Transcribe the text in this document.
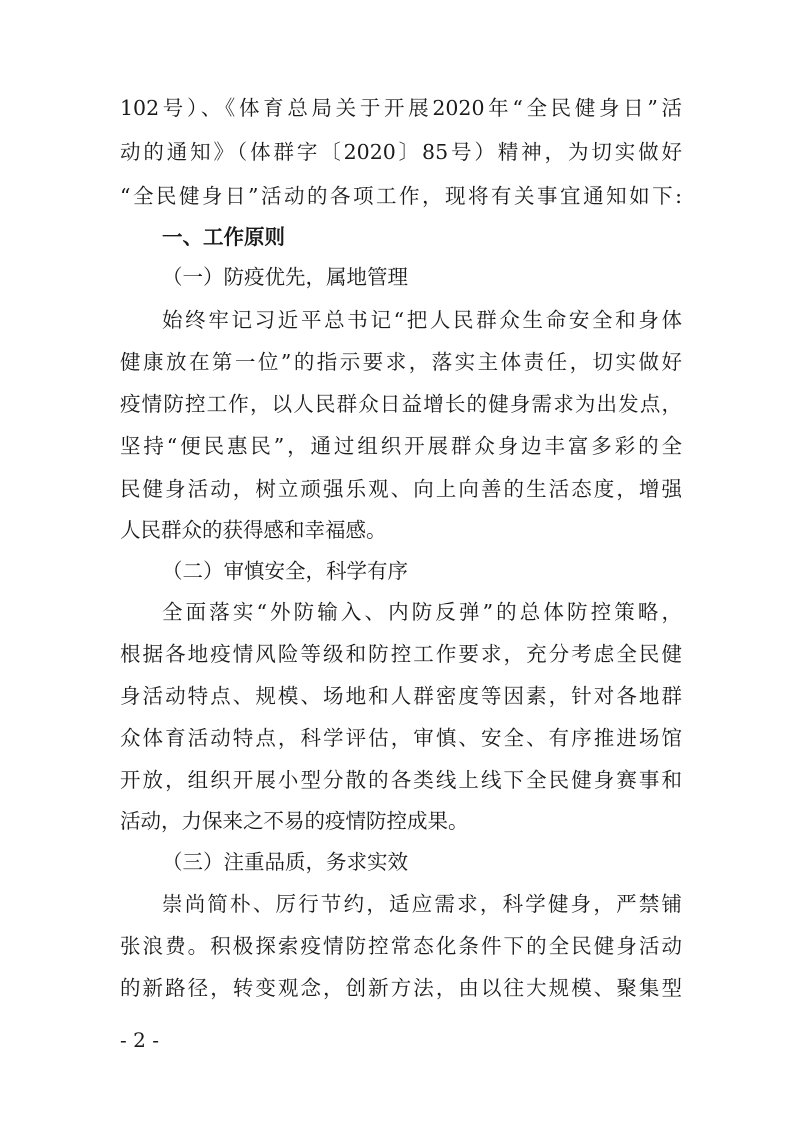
102号）、《体育总局关于开展2020年“全民健身日”活
动的通知》（体群字〔2020〕85号）精神，为切实做好
“全民健身日”活动的各项工作，现将有关事宜通知如下:
一、工作原则
（一）防疫优先，属地管理
始终牢记习近平总书记“把人民群众生命安全和身体
健康放在第一位”的指示要求，落实主体责任，切实做好
疫情防控工作，以人民群众日益增长的健身需求为出发点，
坚持“便民惠民”，通过组织开展群众身边丰富多彩的全
民健身活动，树立顽强乐观、向上向善的生活态度，增强
人民群众的获得感和幸福感。
（二）审慎安全，科学有序
全面落实“外防输入、内防反弹”的总体防控策略，
根据各地疫情风险等级和防控工作要求，充分考虑全民健
身活动特点、规模、场地和人群密度等因素，针对各地群
众体育活动特点，科学评估，审慎、安全、有序推进场馆
开放，组织开展小型分散的各类线上线下全民健身赛事和
活动，力保来之不易的疫情防控成果。
（三）注重品质，务求实效
崇尚简朴、厉行节约，适应需求，科学健身，严禁铺
张浪费。积极探索疫情防控常态化条件下的全民健身活动
的新路径，转变观念，创新方法，由以往大规模、聚集型
- 2 -
